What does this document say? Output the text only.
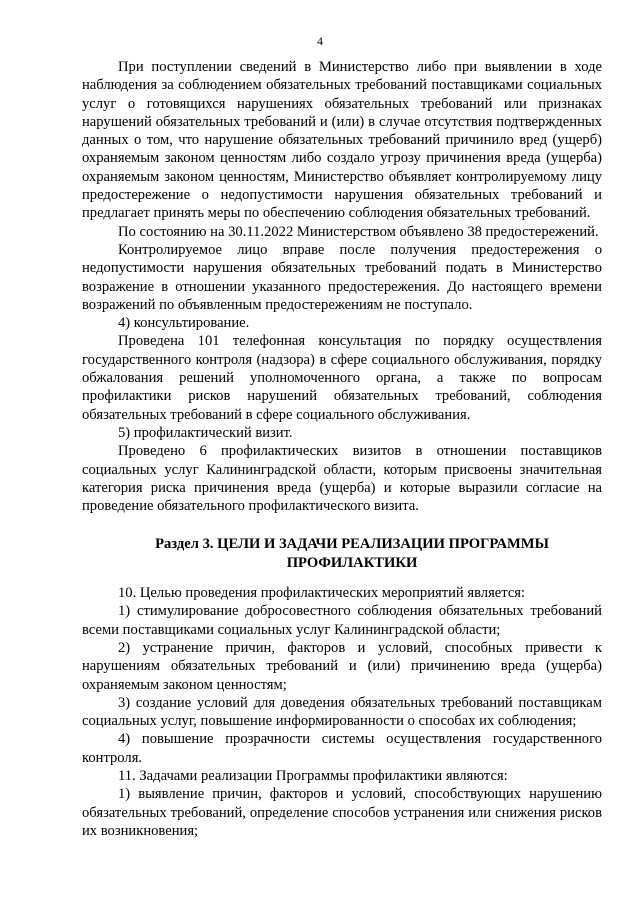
4

При поступлении сведений в Министерство либо при выявлении в ходе наблюдения за соблюдением обязательных требований поставщиками социальных услуг о готовящихся нарушениях обязательных требований или признаках нарушений обязательных требований и (или) в случае отсутствия подтвержденных данных о том, что нарушение обязательных требований причинило вред (ущерб) охраняемым законом ценностям либо создало угрозу причинения вреда (ущерба) охраняемым законом ценностям, Министерство объявляет контролируемому лицу предостережение о недопустимости нарушения обязательных требований и предлагает принять меры по обеспечению соблюдения обязательных требований.

По состоянию на 30.11.2022 Министерством объявлено 38 предостережений.

Контролируемое лицо вправе после получения предостережения о недопустимости нарушения обязательных требований подать в Министерство возражение в отношении указанного предостережения. До настоящего времени возражений по объявленным предостережениям не поступало.

4) консультирование.

Проведена 101 телефонная консультация по порядку осуществления государственного контроля (надзора) в сфере социального обслуживания, порядку обжалования решений уполномоченного органа, а также по вопросам профилактики рисков нарушений обязательных требований, соблюдения обязательных требований в сфере социального обслуживания.

5) профилактический визит.

Проведено 6 профилактических визитов в отношении поставщиков социальных услуг Калининградской области, которым присвоены значительная категория риска причинения вреда (ущерба) и которые выразили согласие на проведение обязательного профилактического визита.

Раздел 3. ЦЕЛИ И ЗАДАЧИ РЕАЛИЗАЦИИ ПРОГРАММЫ ПРОФИЛАКТИКИ

10. Целью проведения профилактических мероприятий является:

1) стимулирование добросовестного соблюдения обязательных требований всеми поставщиками социальных услуг Калининградской области;

2) устранение причин, факторов и условий, способных привести к нарушениям обязательных требований и (или) причинению вреда (ущерба) охраняемым законом ценностям;

3) создание условий для доведения обязательных требований поставщикам социальных услуг, повышение информированности о способах их соблюдения;

4) повышение прозрачности системы осуществления государственного контроля.

11. Задачами реализации Программы профилактики являются:

1) выявление причин, факторов и условий, способствующих нарушению обязательных требований, определение способов устранения или снижения рисков их возникновения;
